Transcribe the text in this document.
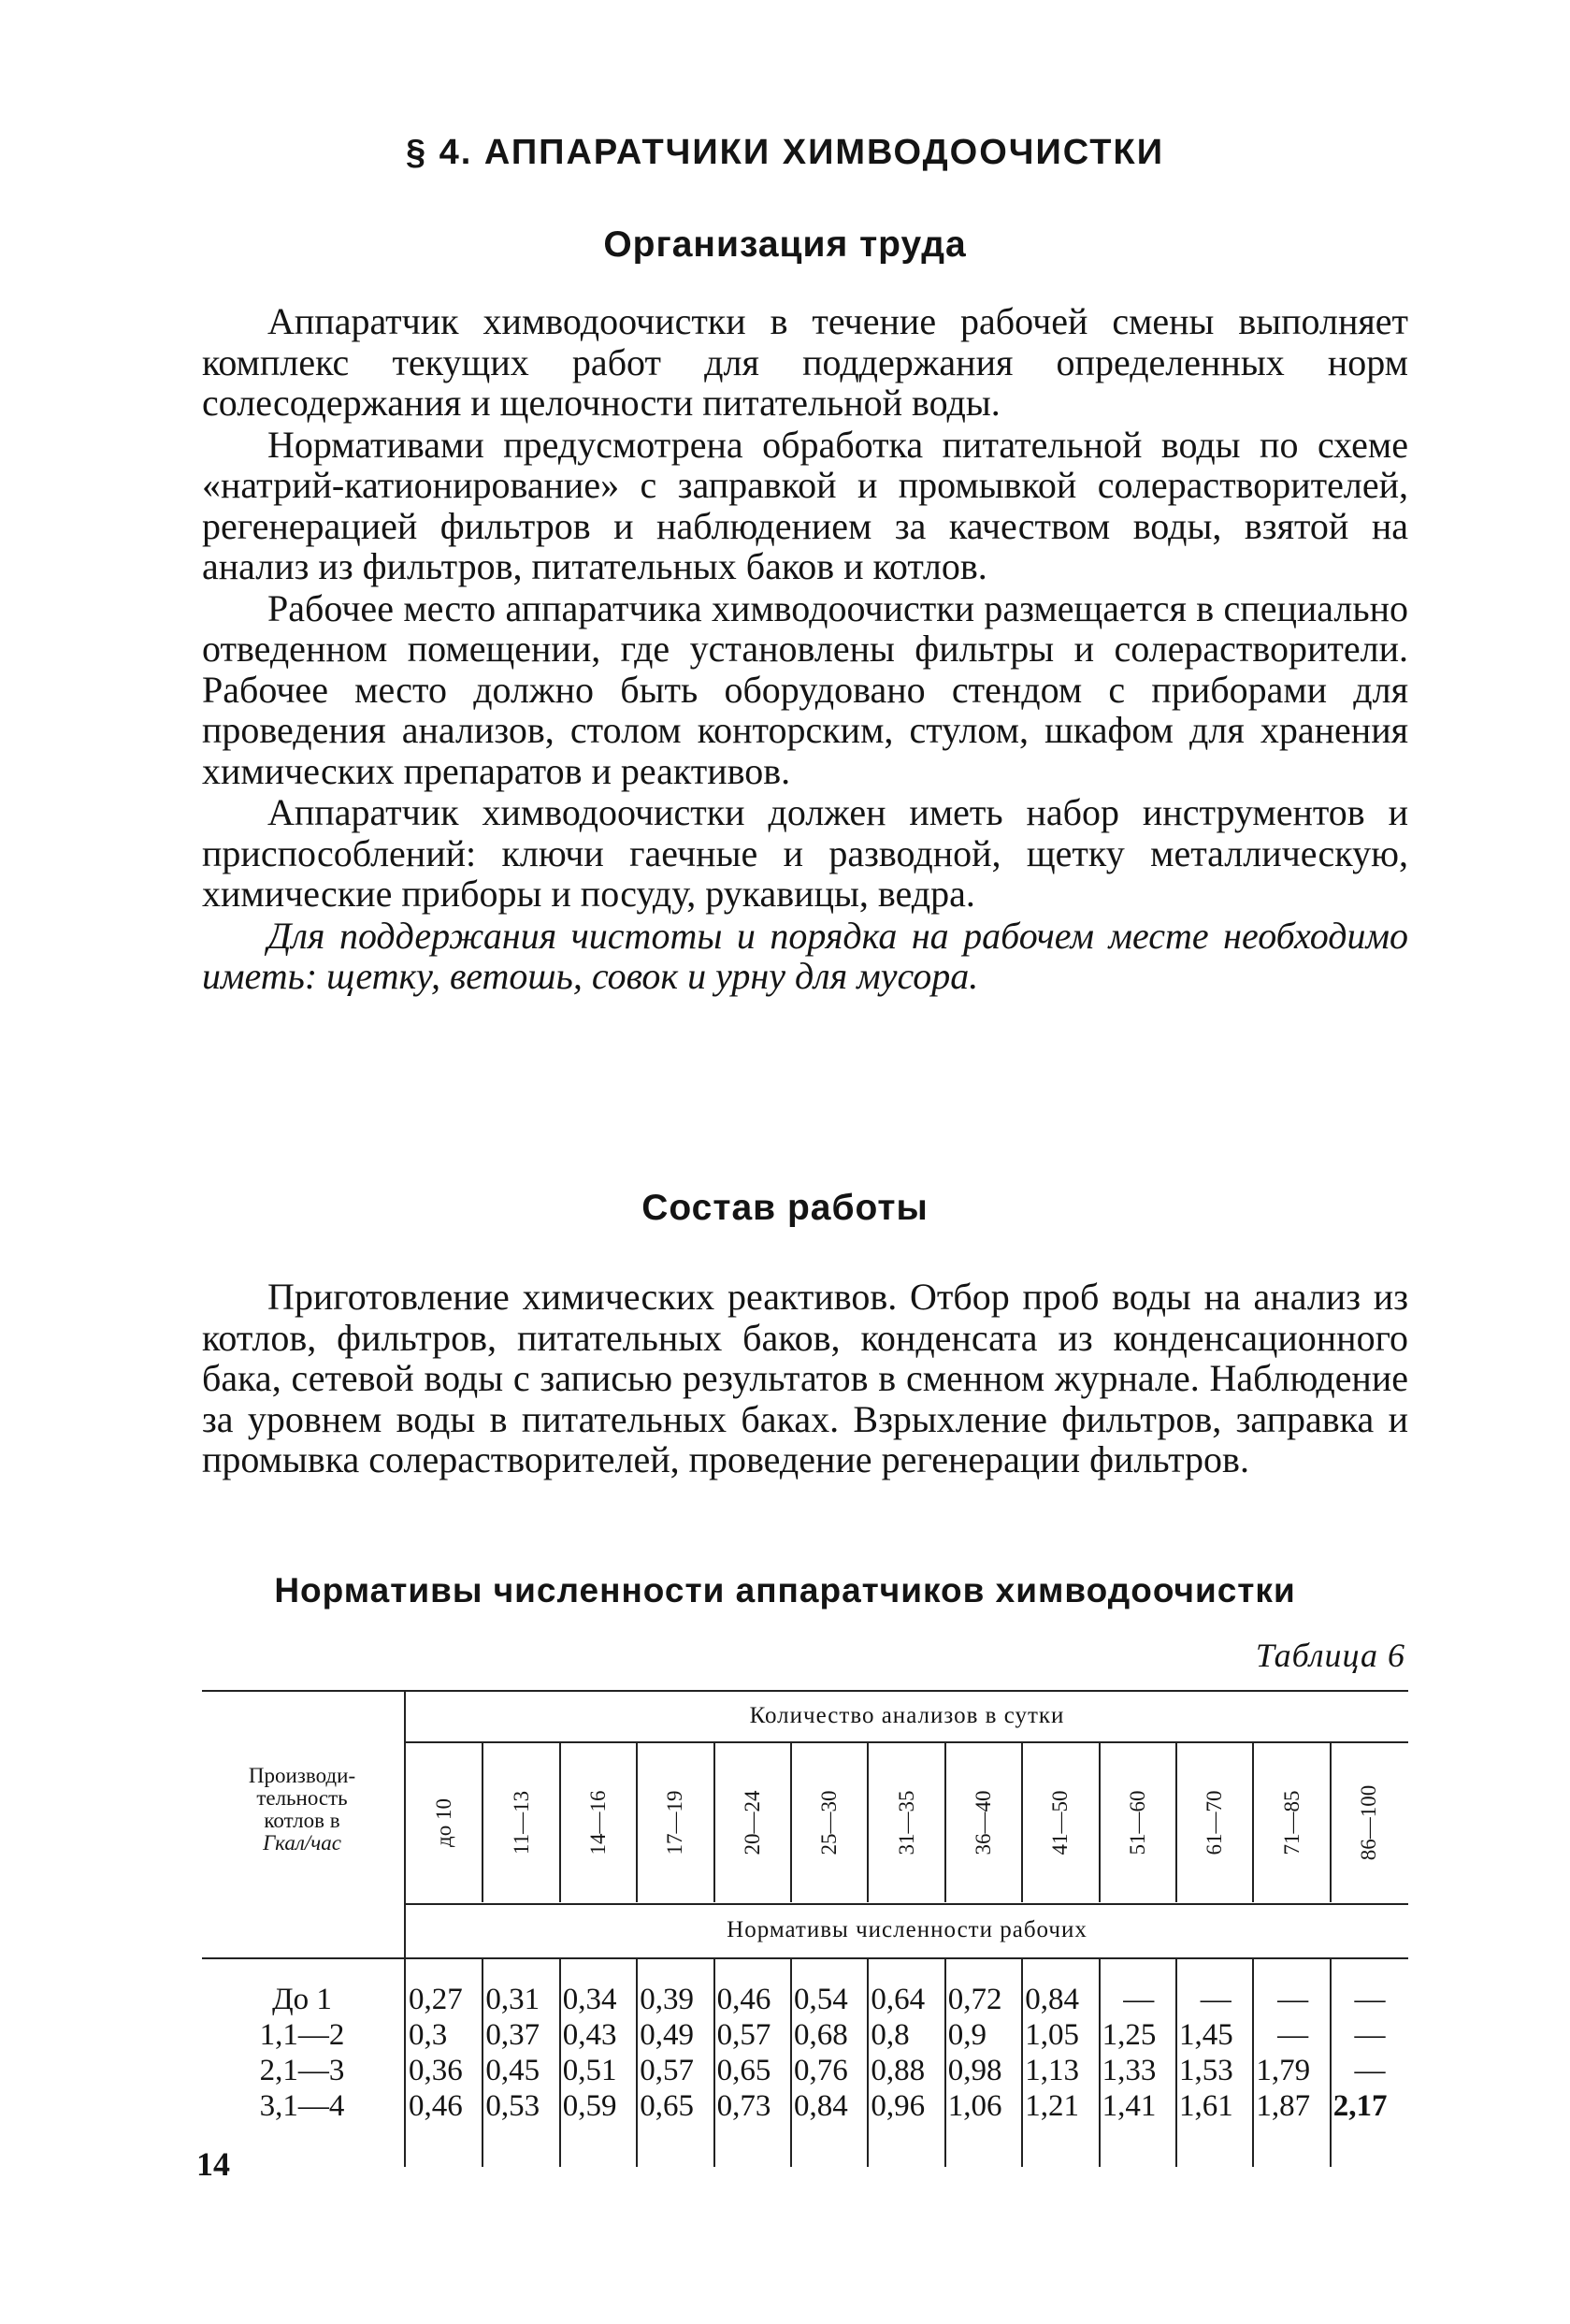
§ 4. АППАРАТЧИКИ ХИМВОДООЧИСТКИ
Организация труда

Аппаратчик химводоочистки в течение рабочей смены выполняет комплекс текущих работ для поддержания определенных норм солесодержания и щелочности питательной воды.

Нормативами предусмотрена обработка питательной воды по схеме «натрий-катионирование» с заправкой и промывкой солерастворителей, регенерацией фильтров и наблюдением за качеством воды, взятой на анализ из фильтров, питательных баков и котлов.

Рабочее место аппаратчика химводоочистки размещается в специально отведенном помещении, где установлены фильтры и солерастворители. Рабочее место должно быть оборудовано стендом с приборами для проведения анализов, столом конторским, стулом, шкафом для хранения химических препаратов и реактивов.

Аппаратчик химводоочистки должен иметь набор инструментов и приспособлений: ключи гаечные и разводной, щетку металлическую, химические приборы и посуду, рукавицы, ведра.

Для поддержания чистоты и порядка на рабочем месте необходимо иметь: щетку, ветошь, совок и урну для мусора.

Состав работы

Приготовление химических реактивов. Отбор проб воды на анализ из котлов, фильтров, питательных баков, конденсата из конденсационного бака, сетевой воды с записью результатов в сменном журнале. Наблюдение за уровнем воды в питательных баках. Взрыхление фильтров, заправка и промывка солерастворителей, проведение регенерации фильтров.

Нормативы численности аппаратчиков химводоочистки
Таблица 6
Количество анализов в сутки
Нормативы численности рабочих
Производи-
тельность
котлов в
Гкал/час	до 10 11—13 14—16 17—19 20—24 25—30 31—35 36—40 41—50 51—60 61—70 71—85 86—100
До 1	0,27 0,31 0,34 0,39 0,46 0,54 0,64 0,72 0,84	—	—	—	—
1,1—2	0,3	0,37 0,43 0,49 0,57 0,68 0,8	0,9	1,05 1,25 1,45	—	—
2,1—3	0,36 0,45 0,51 0,57 0,65 0,76 0,88 0,98 1,13 1,33 1,53 1,79	—
3,1—4	0,46 0,53 0,59 0,65 0,73 0,84 0,96 1,06 1,21 1,41 1,61 1,87 2,17
14
